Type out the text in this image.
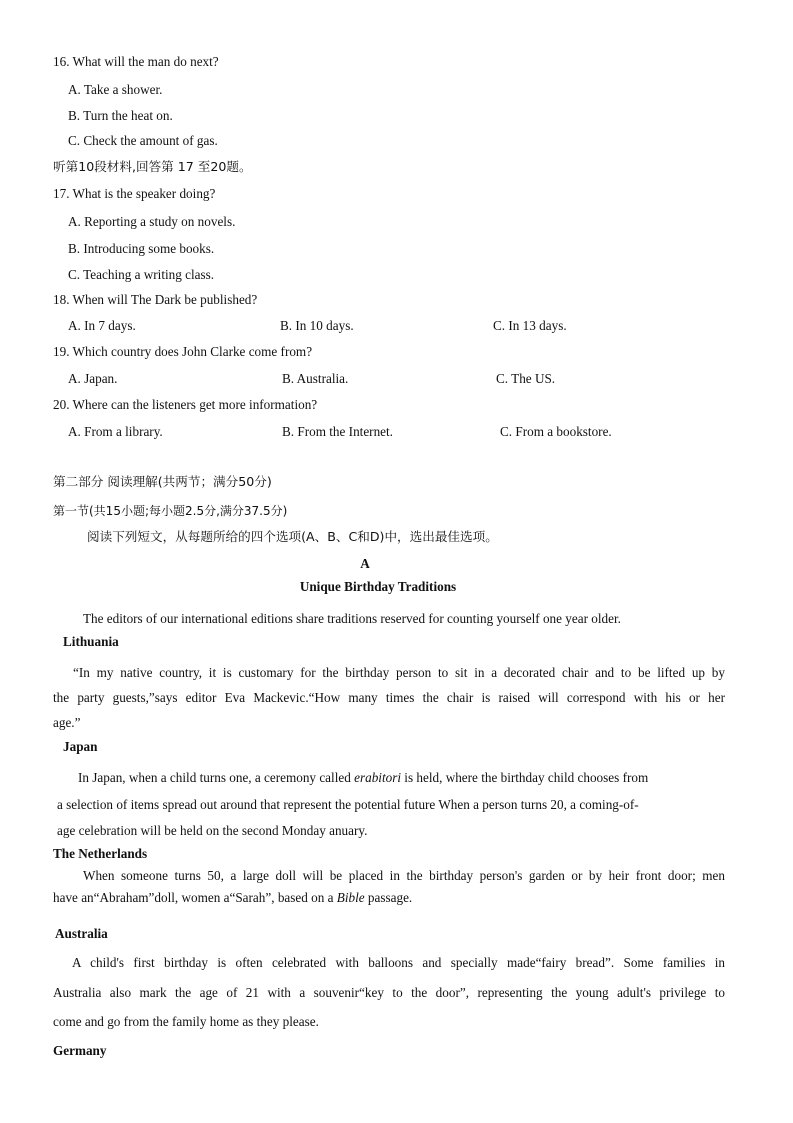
16. What will the man do next?
A. Take a shower.
B. Turn the heat on.
C. Check the amount of gas.
听第10段材料,回答第 17 至20题。
17. What is the speaker doing?
A. Reporting a study on novels.
B. Introducing some books.
C. Teaching a writing class.
18. When will The Dark be published?
A. In 7 days.	B. In 10 days.	C. In 13 days.
19. Which country does John Clarke come from?
A. Japan.	B. Australia.	C. The US.
20. Where can the listeners get more information?
A. From a library.	B. From the Internet.	C. From a bookstore.
第二部分 阅读理解(共两节；满分50分)
第一节(共15小题;每小题2.5分,满分37.5分)
阅读下列短文，从每题所给的四个选项(A、B、C和D)中，选出最佳选项。
A
Unique Birthday Traditions
The editors of our international editions share traditions reserved for counting yourself one year older.
Lithuania
“In my native country, it is customary for the birthday person to sit in a decorated chair and to be lifted up by
the party guests,”says editor Eva Mackevic.“How many times the chair is raised will correspond with his or her
age.”
Japan
In Japan, when a child turns one, a ceremony called erabitori is held, where the birthday child chooses from
a selection of items spread out around that represent the potential future When a person turns 20, a coming-of-
age celebration will be held on the second Monday anuary.
The Netherlands
When someone turns 50, a large doll will be placed in the birthday person's garden or by heir front door; men
have an“Abraham”doll, women a“Sarah”, based on a Bible passage.
Australia
A child's first birthday is often celebrated with balloons and specially made“fairy bread”. Some families in
Australia also mark the age of 21 with a souvenir“key to the door”, representing the young adult's privilege to
come and go from the family home as they please.
Germany
